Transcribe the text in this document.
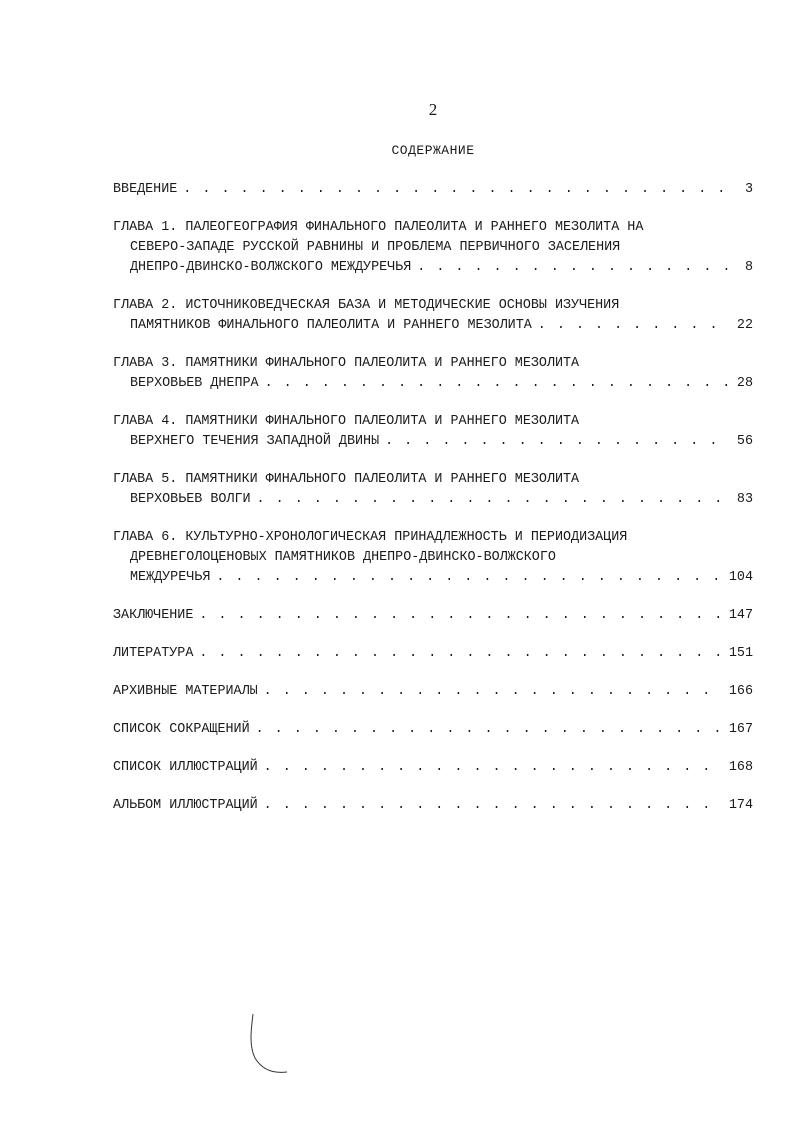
2
СОДЕРЖАНИЕ
ВВЕДЕНИЕ . . .	3
ГЛАВА 1. ПАЛЕОГЕОГРАФИЯ ФИНАЛЬНОГО ПАЛЕОЛИТА И РАННЕГО МЕЗОЛИТА НА
СЕВЕРО-ЗАПАДЕ РУССКОЙ РАВНИНЫ И ПРОБЛЕМА ПЕРВИЧНОГО ЗАСЕЛЕНИЯ
ДНЕПРО-ДВИНСКО-ВОЛЖСКОГО МЕЖДУРЕЧЬЯ . . .	8
ГЛАВА 2. ИСТОЧНИКОВЕДЧЕСКАЯ БАЗА И МЕТОДИЧЕСКИЕ ОСНОВЫ ИЗУЧЕНИЯ
ПАМЯТНИКОВ ФИНАЛЬНОГО ПАЛЕОЛИТА И РАННЕГО МЕЗОЛИТА . . .	22
ГЛАВА 3. ПАМЯТНИКИ ФИНАЛЬНОГО ПАЛЕОЛИТА И РАННЕГО МЕЗОЛИТА
ВЕРХОВЬЕВ ДНЕПРА . . .	28
ГЛАВА 4. ПАМЯТНИКИ ФИНАЛЬНОГО ПАЛЕОЛИТА И РАННЕГО МЕЗОЛИТА
ВЕРХНЕГО ТЕЧЕНИЯ ЗАПАДНОЙ ДВИНЫ . . .	56
ГЛАВА 5. ПАМЯТНИКИ ФИНАЛЬНОГО ПАЛЕОЛИТА И РАННЕГО МЕЗОЛИТА
ВЕРХОВЬЕВ ВОЛГИ . . .	83
ГЛАВА 6. КУЛЬТУРНО-ХРОНОЛОГИЧЕСКАЯ ПРИНАДЛЕЖНОСТЬ И ПЕРИОДИЗАЦИЯ
ДРЕВНЕГОЛОЦЕНОВЫХ ПАМЯТНИКОВ ДНЕПРО-ДВИНСКО-ВОЛЖСКОГО
МЕЖДУРЕЧЬЯ . . .	104
ЗАКЛЮЧЕНИЕ . . .	147
ЛИТЕРАТУРА . . .	151
АРХИВНЫЕ МАТЕРИАЛЫ . . .	166
СПИСОК СОКРАЩЕНИЙ . . .	167
СПИСОК ИЛЛЮСТРАЦИЙ . . .	168
АЛЬБОМ ИЛЛЮСТРАЦИЙ . . .	174
